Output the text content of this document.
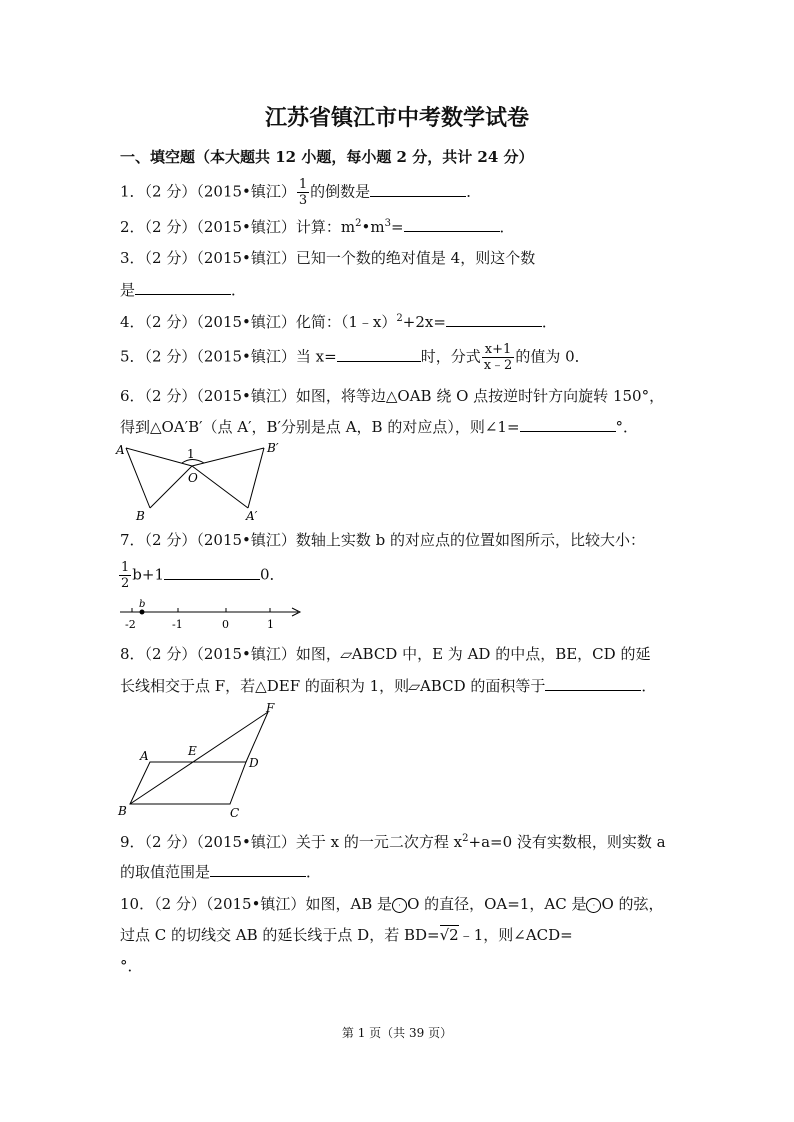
江苏省镇江市中考数学试卷
一、填空题（本大题共 12 小题，每小题 2 分，共计 24 分）
1．（2 分）（2015•镇江） $\frac{1}{3}$ 的倒数是	．
2．（2 分）（2015•镇江）计算：$m^2•m^3=$	．
3．（2 分）（2015•镇江）已知一个数的绝对值是 4，则这个数
是	．
4．（2 分）（2015•镇江）化简：（1﹣x）$^2$+2x=	．
5．（2 分）（2015•镇江）当 x=	时，分式 $\frac{x+1}{x﹣2}$ 的值为 0．
6．（2 分）（2015•镇江）如图，将等边△OAB 绕 O 点按逆时针方向旋转 150°，
得到△OA′B′（点 A′，B′分别是点 A，B 的对应点），则∠1=	°．
A
B
O
1	B′
A′
7．（2 分）（2015•镇江）数轴上实数 b 的对应点的位置如图所示，比较大小：
$\frac{1}{2} b+1$	0．
b
-2	-1	0	1
8．（2 分）（2015•镇江）如图，▱ABCD 中，E 为 AD 的中点，BE，CD 的延
长线相交于点 F，若△DEF 的面积为 1，则▱ABCD 的面积等于	．
A
B	C
D
E
F
9．（2 分）（2015•镇江）关于 x 的一元二次方程 $x^2+a=0$ 没有实数根，则实数 a
的取值范围是	．
10．（2 分）（2015•镇江）如图，AB 是 · O 的直径，OA=1，AC 是 · O 的弦，
过点 C 的切线交 AB 的延长线于点 D，若 BD=√2﹣1，则∠ACD=
°．
第 1 页（共 39 页）
